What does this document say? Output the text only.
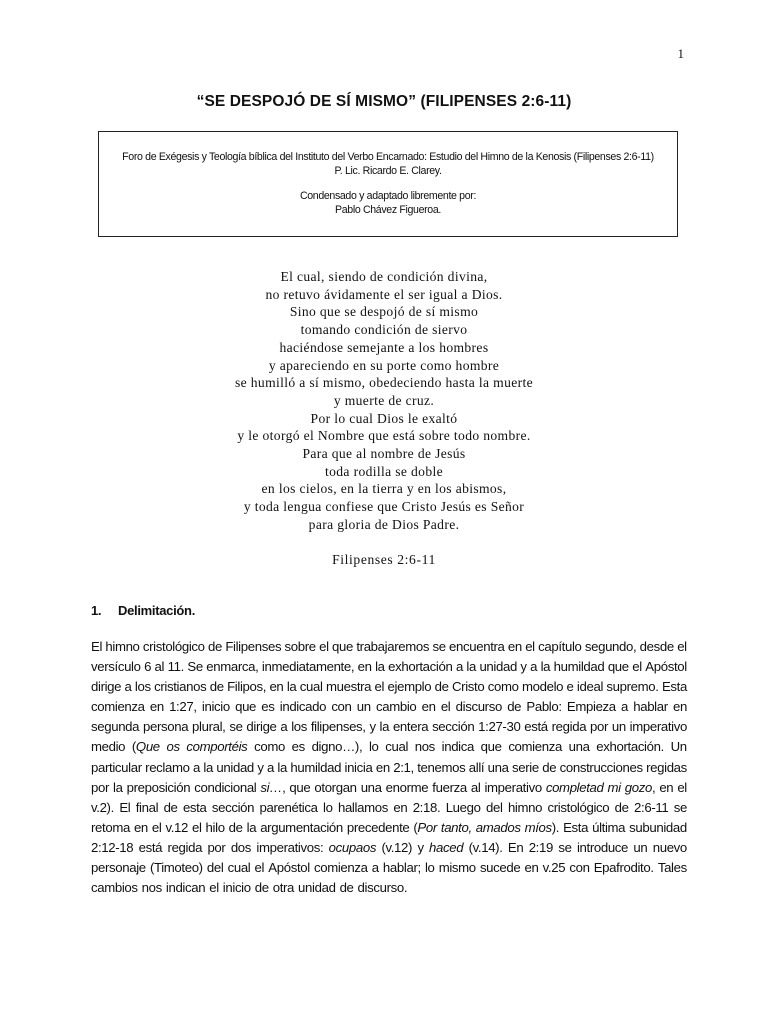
1
“SE DESPOJÓ DE SÍ MISMO” (FILIPENSES 2:6-11)
Foro de Exégesis y Teología bíblica del Instituto del Verbo Encarnado: Estudio del Himno de la Kenosis (Filipenses 2:6-11)
P. Lic. Ricardo E. Clarey.
Condensado y adaptado libremente por:
Pablo Chávez Figueroa.
El cual, siendo de condición divina,
no retuvo ávidamente el ser igual a Dios.
Sino que se despojó de sí mismo
tomando condición de siervo
haciéndose semejante a los hombres
y apareciendo en su porte como hombre
se humilló a sí mismo, obedeciendo hasta la muerte
y muerte de cruz.
Por lo cual Dios le exaltó
y le otorgó el Nombre que está sobre todo nombre.
Para que al nombre de Jesús
toda rodilla se doble
en los cielos, en la tierra y en los abismos,
y toda lengua confiese que Cristo Jesús es Señor
para gloria de Dios Padre.
Filipenses 2:6-11
1. Delimitación.
El himno cristológico de Filipenses sobre el que trabajaremos se encuentra en el capítulo segundo, desde el
versículo 6 al 11. Se enmarca, inmediatamente, en la exhortación a la unidad y a la humildad que el Apóstol
dirige a los cristianos de Filipos, en la cual muestra el ejemplo de Cristo como modelo e ideal supremo. Esta
comienza en 1:27, inicio que es indicado con un cambio en el discurso de Pablo: Empieza a hablar en
segunda persona plural, se dirige a los filipenses, y la entera sección 1:27-30 está regida por un imperativo
medio (Que os comportéis como es digno…), lo cual nos indica que comienza una exhortación. Un
particular reclamo a la unidad y a la humildad inicia en 2:1, tenemos allí una serie de construcciones regidas
por la preposición condicional si…, que otorgan una enorme fuerza al imperativo completad mi gozo, en el
v.2). El final de esta sección parenética lo hallamos en 2:18. Luego del himno cristológico de 2:6-11 se
retoma en el v.12 el hilo de la argumentación precedente (Por tanto, amados míos). Esta última subunidad
2:12-18 está regida por dos imperativos: ocupaos (v.12) y haced (v.14). En 2:19 se introduce un nuevo
personaje (Timoteo) del cual el Apóstol comienza a hablar; lo mismo sucede en v.25 con Epafrodito. Tales
cambios nos indican el inicio de otra unidad de discurso.
